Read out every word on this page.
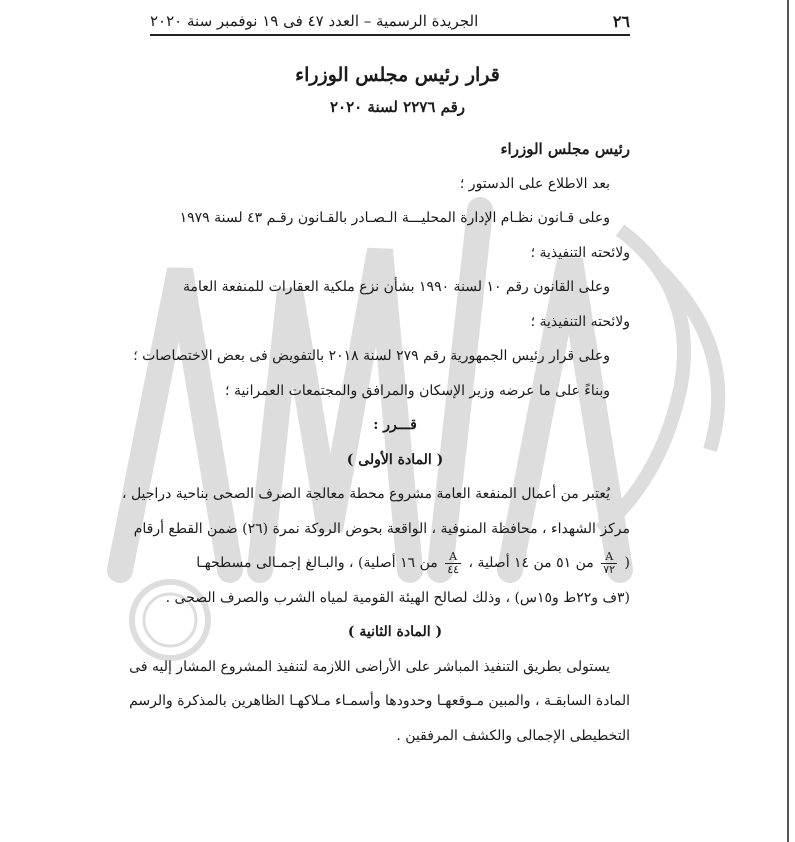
٢٦
الجريدة الرسمية – العدد ٤٧ فى ١٩ نوفمبر سنة ٢٠٢٠
قرار رئيس مجلس الوزراء
رقم ٢٢٧٦ لسنة ٢٠٢٠
رئيس مجلس الوزراء
بعد الاطلاع على الدستور ؛
وعلى قـانون نظـام الإدارة المحليـــة الـصـادر بالقـانون رقـم ٤٣ لسنة ١٩٧٩
ولائحته التنفيذية ؛
وعلى القانون رقم ١٠ لسنة ١٩٩٠ بشأن نزع ملكية العقارات للمنفعة العامة
ولائحته التنفيذية ؛
وعلى قرار رئيس الجمهورية رقم ٢٧٩ لسنة ٢٠١٨ بالتفويض فى بعض الاختصاصات ؛
وبناءً على ما عرضه وزير الإسكان والمرافق والمجتمعات العمرانية ؛
قـــرر :
( المادة الأولى )
يُعتبر من أعمال المنفعة العامة مشروع محطة معالجة الصرف الصحى بناحية دراجيل ،
مركز الشهداء ، محافظة المنوفية ، الواقعة بحوض الروكة نمرة (٢٦) ضمن القطع أرقام
(
$\frac{A}{٧٢}$
من ٥١ من ١٤ أصلية ،
$\frac{A}{٤٤}$
من ١٦ أصلية) ، والبـالغ إجمـالى مسطحهـا
(٣ف و٢٢ط و١٥س) ، وذلك لصالح الهيئة القومية لمياه الشرب والصرف الصحى .
( المادة الثانية )
يستولى بطريق التنفيذ المباشر على الأراضى اللازمة لتنفيذ المشروع المشار إليه فى
المادة السابقـة ، والمبين مـوقعهـا وحدودها وأسمـاء مـلاكهـا الظاهرين بالمذكرة والرسم
التخطيطى الإجمالى والكشف المرفقين .
